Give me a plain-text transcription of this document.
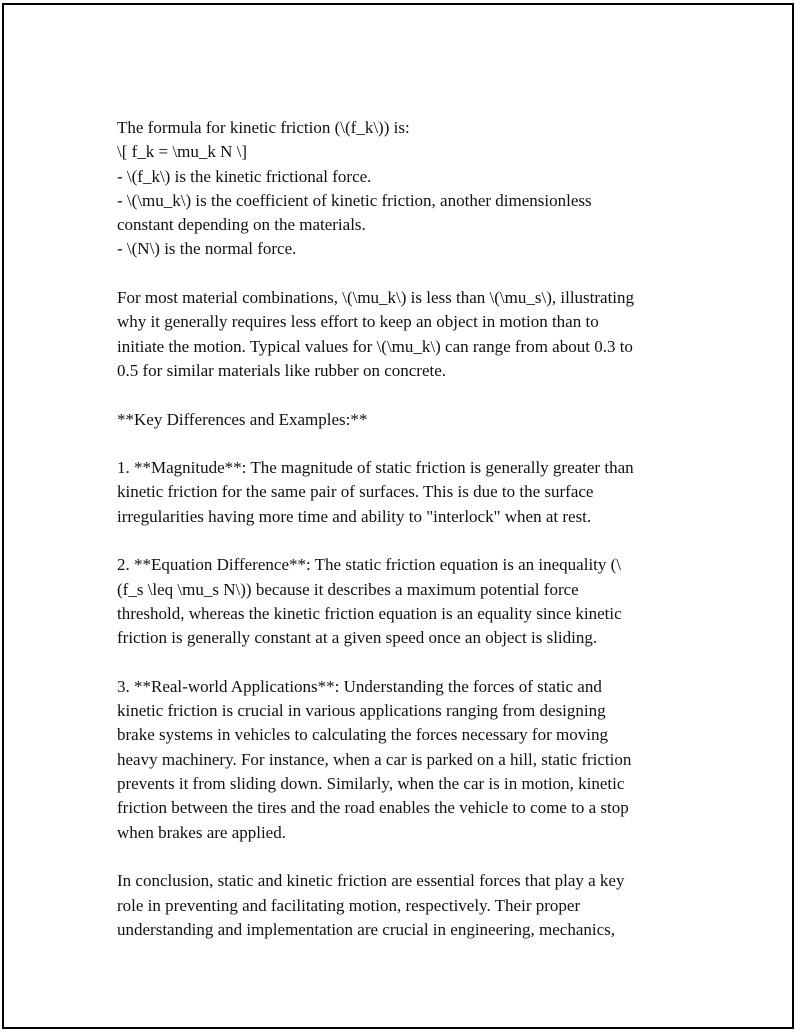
The formula for kinetic friction (\(f_k\)) is:
\[ f_k = \mu_k N \]
- \(f_k\) is the kinetic frictional force.
- \(\mu_k\) is the coefficient of kinetic friction, another dimensionless
constant depending on the materials.
- \(N\) is the normal force.

For most material combinations, \(\mu_k\) is less than \(\mu_s\), illustrating
why it generally requires less effort to keep an object in motion than to
initiate the motion. Typical values for \(\mu_k\) can range from about 0.3 to
0.5 for similar materials like rubber on concrete.

**Key Differences and Examples:**

1. **Magnitude**: The magnitude of static friction is generally greater than
kinetic friction for the same pair of surfaces. This is due to the surface
irregularities having more time and ability to "interlock" when at rest.

2. **Equation Difference**: The static friction equation is an inequality (\
(f_s \leq \mu_s N\)) because it describes a maximum potential force
threshold, whereas the kinetic friction equation is an equality since kinetic
friction is generally constant at a given speed once an object is sliding.

3. **Real-world Applications**: Understanding the forces of static and
kinetic friction is crucial in various applications ranging from designing
brake systems in vehicles to calculating the forces necessary for moving
heavy machinery. For instance, when a car is parked on a hill, static friction
prevents it from sliding down. Similarly, when the car is in motion, kinetic
friction between the tires and the road enables the vehicle to come to a stop
when brakes are applied.

In conclusion, static and kinetic friction are essential forces that play a key
role in preventing and facilitating motion, respectively. Their proper
understanding and implementation are crucial in engineering, mechanics,
